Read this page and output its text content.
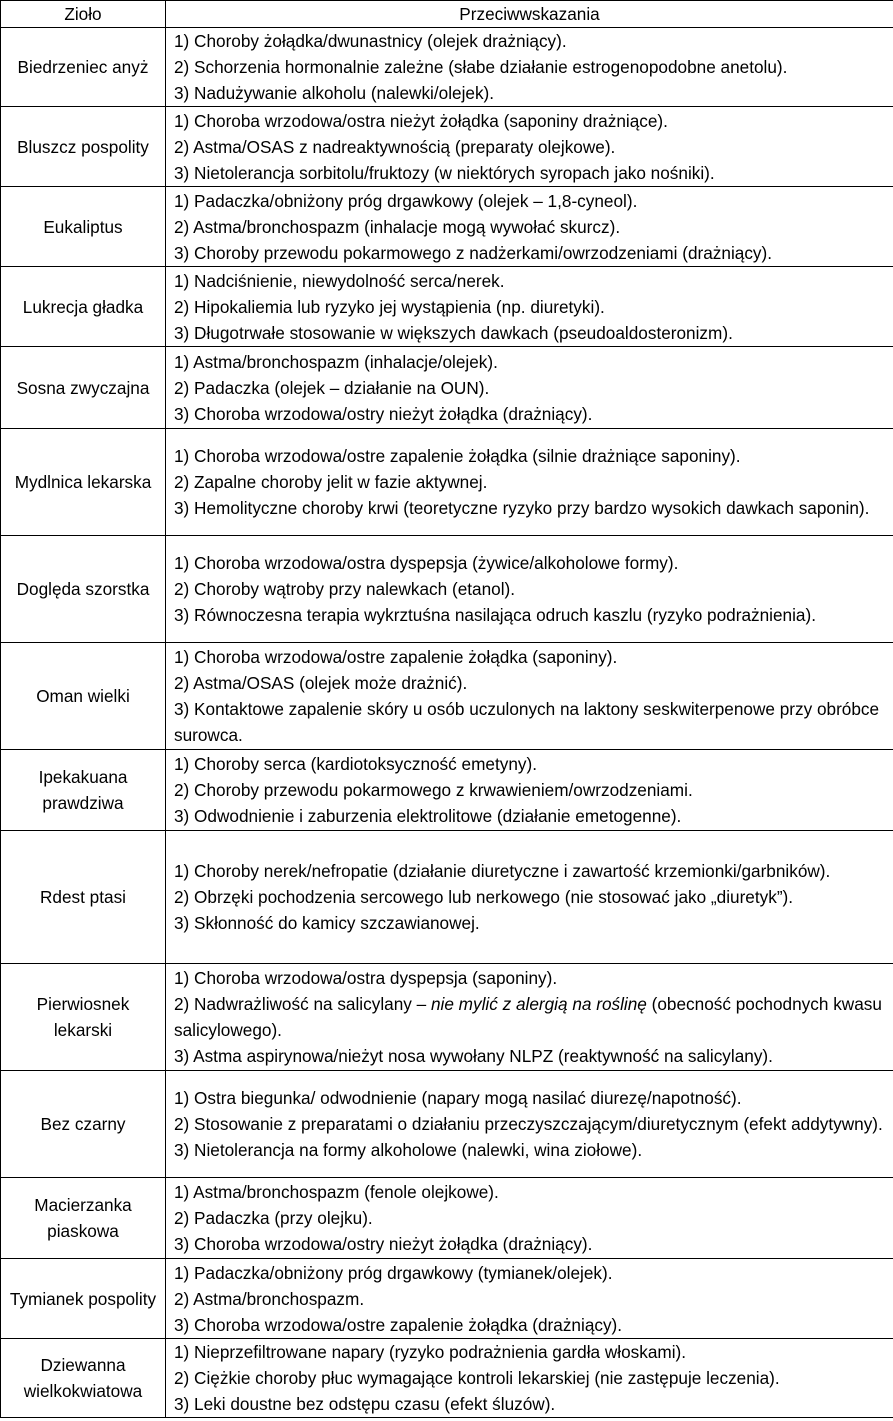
Zioło	Przeciwwskazania
Biedrzeniec anyż	1) Choroby żołądka/dwunastnicy (olejek drażniący).
2) Schorzenia hormonalnie zależne (słabe działanie estrogenopodobne anetolu).
3) Nadużywanie alkoholu (nalewki/olejek).

Bluszcz pospolity	1) Choroba wrzodowa/ostra nieżyt żołądka (saponiny drażniące).
2) Astma/OSAS z nadreaktywnością (preparaty olejkowe).
3) Nietolerancja sorbitolu/fruktozy (w niektórych syropach jako nośniki).

Eukaliptus	1) Padaczka/obniżony próg drgawkowy (olejek – 1,8-cyneol).
2) Astma/bronchospazm (inhalacje mogą wywołać skurcz).
3) Choroby przewodu pokarmowego z nadżerkami/owrzodzeniami (drażniący).

Lukrecja gładka	1) Nadciśnienie, niewydolność serca/nerek.
2) Hipokaliemia lub ryzyko jej wystąpienia (np. diuretyki).
3) Długotrwałe stosowanie w większych dawkach (pseudoaldosteronizm).

Sosna zwyczajna	1) Astma/bronchospazm (inhalacje/olejek).
2) Padaczka (olejek – działanie na OUN).
3) Choroba wrzodowa/ostry nieżyt żołądka (drażniący).

Mydlnica lekarska	1) Choroba wrzodowa/ostre zapalenie żołądka (silnie drażniące saponiny).
2) Zapalne choroby jelit w fazie aktywnej.
3) Hemolityczne choroby krwi (teoretyczne ryzyko przy bardzo wysokich dawkach saponin).

Doględa szorstka	1) Choroba wrzodowa/ostra dyspepsja (żywice/alkoholowe formy).
2) Choroby wątroby przy nalewkach (etanol).
3) Równoczesna terapia wykrztuśna nasilająca odruch kaszlu (ryzyko podrażnienia).

Oman wielki	1) Choroba wrzodowa/ostre zapalenie żołądka (saponiny).
2) Astma/OSAS (olejek może drażnić).
3) Kontaktowe zapalenie skóry u osób uczulonych na laktony seskwiterpenowe przy obróbce surowca.

Ipekakuana prawdziwa	1) Choroby serca (kardiotoksyczność emetyny).
2) Choroby przewodu pokarmowego z krwawieniem/owrzodzeniami.
3) Odwodnienie i zaburzenia elektrolitowe (działanie emetogenne).

Rdest ptasi	1) Choroby nerek/nefropatie (działanie diuretyczne i zawartość krzemionki/garbników).
2) Obrzęki pochodzenia sercowego lub nerkowego (nie stosować jako „diuretyk”).
3) Skłonność do kamicy szczawianowej.

Pierwiosnek lekarski	1) Choroba wrzodowa/ostra dyspepsja (saponiny).
2) Nadwrażliwość na salicylany – nie mylić z alergią na roślinę (obecność pochodnych kwasu salicylowego).
3) Astma aspirynowa/nieżyt nosa wywołany NLPZ (reaktywność na salicylany).

Bez czarny	1) Ostra biegunka/ odwodnienie (napary mogą nasilać diurezę/napotność).
2) Stosowanie z preparatami o działaniu przeczyszczającym/diuretycznym (efekt addytywny).
3) Nietolerancja na formy alkoholowe (nalewki, wina ziołowe).

Macierzanka piaskowa	1) Astma/bronchospazm (fenole olejkowe).
2) Padaczka (przy olejku).
3) Choroba wrzodowa/ostry nieżyt żołądka (drażniący).

Tymianek pospolity	1) Padaczka/obniżony próg drgawkowy (tymianek/olejek).
2) Astma/bronchospazm.
3) Choroba wrzodowa/ostre zapalenie żołądka (drażniący).

Dziewanna wielkokwiatowa	1) Nieprzefiltrowane napary (ryzyko podrażnienia gardła włoskami).
2) Ciężkie choroby płuc wymagające kontroli lekarskiej (nie zastępuje leczenia).
3) Leki doustne bez odstępu czasu (efekt śluzów).
